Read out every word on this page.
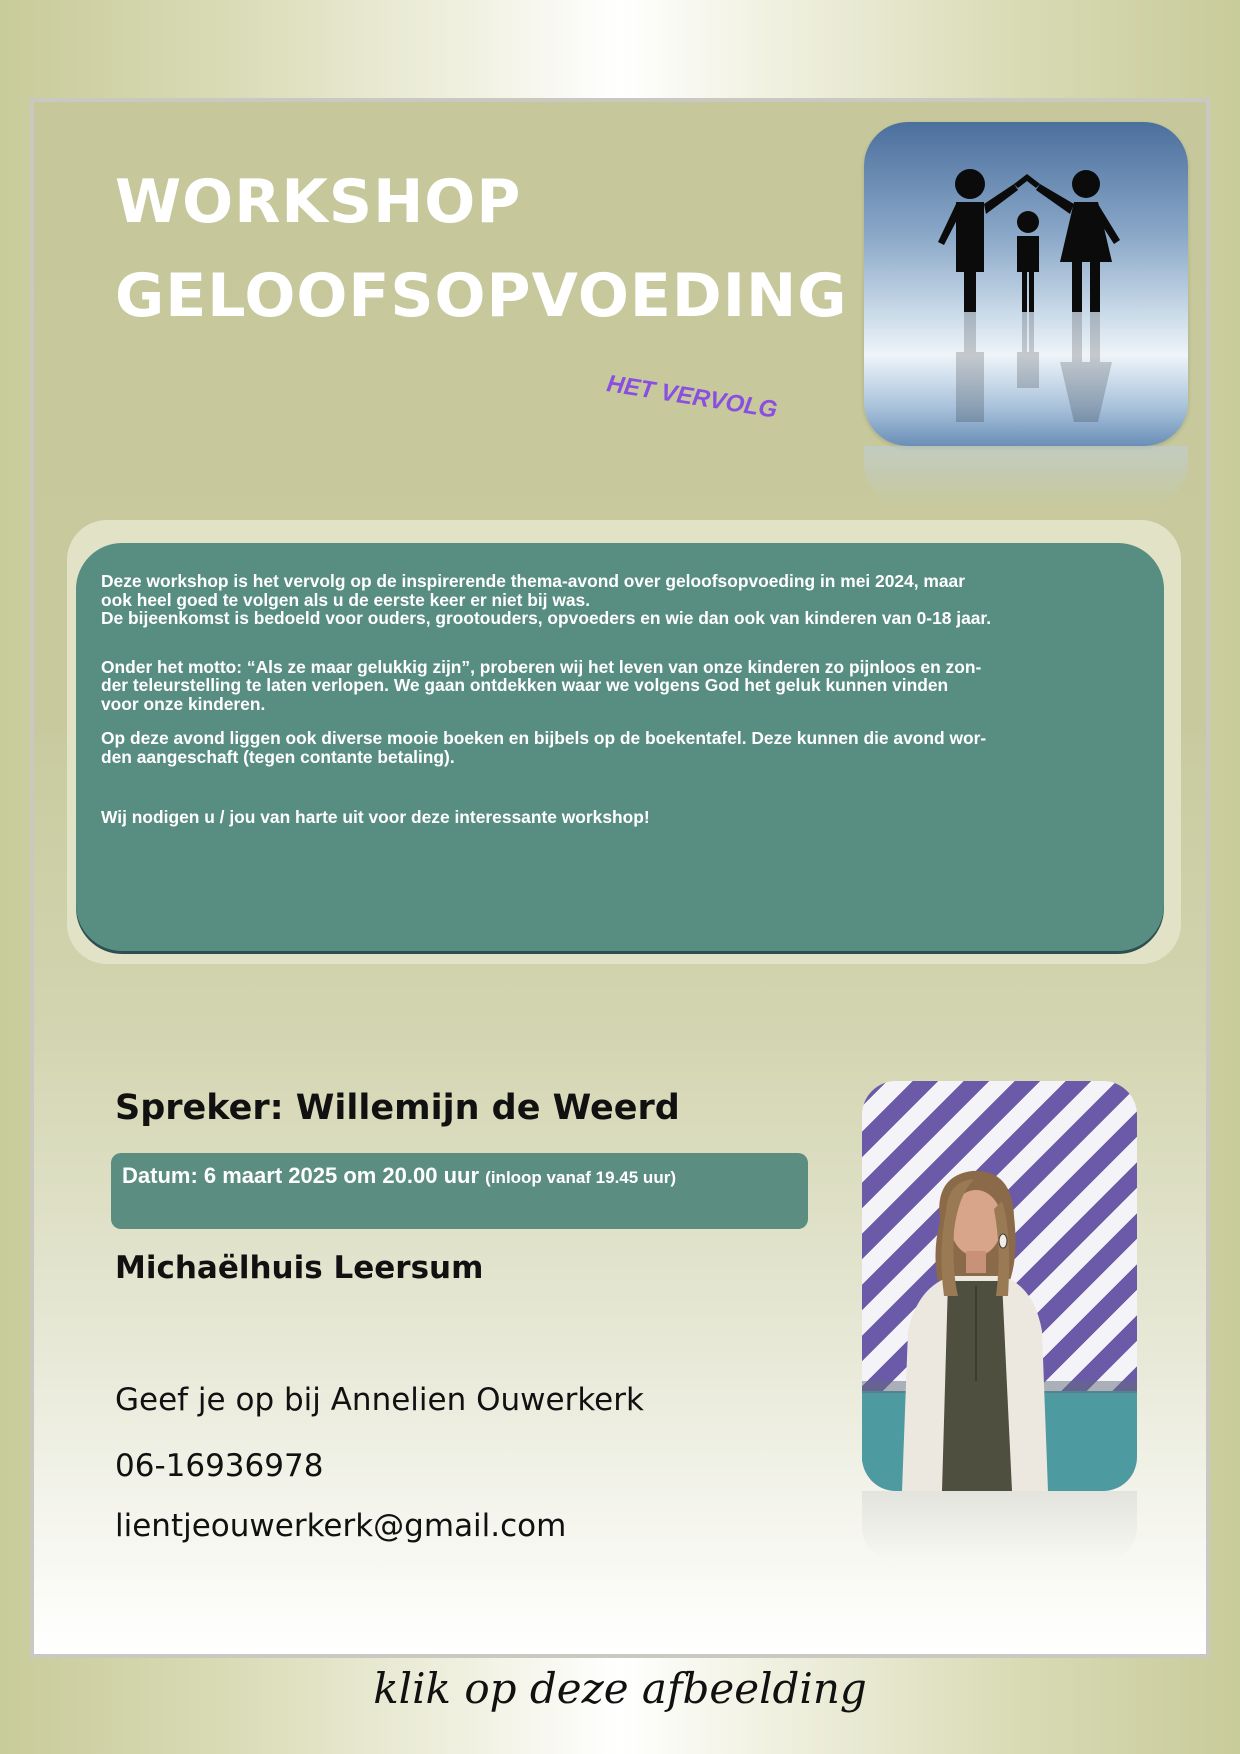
WORKSHOP
GELOOFSOPVOEDING
HET VERVOLG

Deze workshop is het vervolg op de inspirerende thema-avond over geloofsopvoeding in mei 2024, maar

ook heel goed te volgen als u de eerste keer er niet bij was.

De bijeenkomst is bedoeld voor ouders, grootouders, opvoeders en wie dan ook van kinderen van 0-18 jaar.

Onder het motto: “Als ze maar gelukkig zijn”, proberen wij het leven van onze kinderen zo pijnloos en zon-

der teleurstelling te laten verlopen. We gaan ontdekken waar we volgens God het geluk kunnen vinden

voor onze kinderen.

Op deze avond liggen ook diverse mooie boeken en bijbels op de boekentafel. Deze kunnen die avond wor-

den aangeschaft (tegen contante betaling).

Wij nodigen u / jou van harte uit voor deze interessante workshop!

Spreker: Willemijn de Weerd
Datum: 6 maart 2025 om 20.00 uur (inloop vanaf 19.45 uur)
Michaëlhuis Leersum
Geef je op bij Annelien Ouwerkerk
06-16936978
lientjeouwerkerk@gmail.com
klik op deze afbeelding
